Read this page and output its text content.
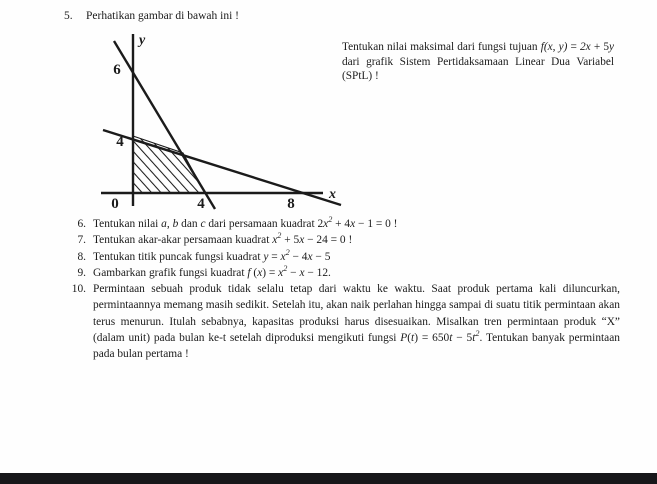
5. Perhatikan gambar di bawah ini !
6
4
0	4	8
y
x
Tentukan nilai maksimal dari fungsi tujuan f(x, y) = 2x + 5y dari grafik Sistem Pertidaksamaan Linear Dua Variabel (SPtL) !
6. Tentukan nilai a, b dan c dari persamaan kuadrat $2x^2 + 4x - 1 = 0$ !
7. Tentukan akar-akar persamaan kuadrat $x^2 + 5x - 24 = 0$ !
8. Tentukan titik puncak fungsi kuadrat $y = x^2 - 4x - 5$
9. Gambarkan grafik fungsi kuadrat f $(x) = x^2 - x - 12$.
10. Permintaan sebuah produk tidak selalu tetap dari waktu ke waktu. Saat produk pertama kali diluncurkan, permintaannya memang masih sedikit. Setelah itu, akan naik perlahan hingga sampai di suatu titik permintaan akan terus menurun. Itulah sebabnya, kapasitas produksi harus disesuaikan. Misalkan tren permintaan produk “X” (dalam unit) pada bulan ke-t setelah diproduksi mengikuti fungsi $P(t) = 650t - 5t^2$. Tentukan banyak permintaan pada bulan pertama !
